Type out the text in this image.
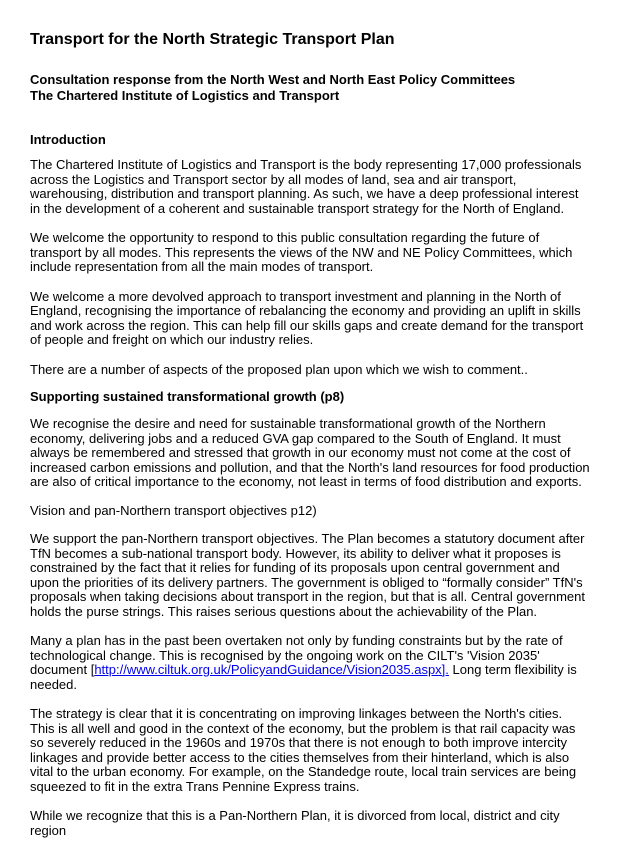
Transport for the North Strategic Transport Plan
Consultation response from the North West and North East Policy Committees
The Chartered Institute of Logistics and Transport
Introduction

The Chartered Institute of Logistics and Transport is the body representing 17,000 professionals across the Logistics and Transport sector by all modes of land, sea and air transport, warehousing, distribution and transport planning. As such, we have a deep professional interest in the development of a coherent and sustainable transport strategy for the North of England.

We welcome the opportunity to respond to this public consultation regarding the future of transport by all modes. This represents the views of the NW and NE Policy Committees, which include representation from all the main modes of transport.

We welcome a more devolved approach to transport investment and planning in the North of England, recognising the importance of rebalancing the economy and providing an uplift in skills and work across the region. This can help fill our skills gaps and create demand for the transport of people and freight on which our industry relies.

There are a number of aspects of the proposed plan upon which we wish to comment..

Supporting sustained transformational growth (p8)

We recognise the desire and need for sustainable transformational growth of the Northern economy, delivering jobs and a reduced GVA gap compared to the South of England. It must always be remembered and stressed that growth in our economy must not come at the cost of increased carbon emissions and pollution, and that the North's land resources for food production are also of critical importance to the economy, not least in terms of food distribution and exports.

Vision and pan-Northern transport objectives p12)

We support the pan-Northern transport objectives. The Plan becomes a statutory document after TfN becomes a sub-national transport body. However, its ability to deliver what it proposes is constrained by the fact that it relies for funding of its proposals upon central government and upon the priorities of its delivery partners. The government is obliged to “formally consider” TfN's proposals when taking decisions about transport in the region, but that is all. Central government holds the purse strings. This raises serious questions about the achievability of the Plan.

Many a plan has in the past been overtaken not only by funding constraints but by the rate of technological change. This is recognised by the ongoing work on the CILT's 'Vision 2035' document [http://www.ciltuk.org.uk/PolicyandGuidance/Vision2035.aspx]. Long term flexibility is needed.

The strategy is clear that it is concentrating on improving linkages between the North's cities. This is all well and good in the context of the economy, but the problem is that rail capacity was so severely reduced in the 1960s and 1970s that there is not enough to both improve intercity linkages and provide better access to the cities themselves from their hinterland, which is also vital to the urban economy. For example, on the Standedge route, local train services are being squeezed to fit in the extra Trans Pennine Express trains.

While we recognize that this is a Pan-Northern Plan, it is divorced from local, district and city region
